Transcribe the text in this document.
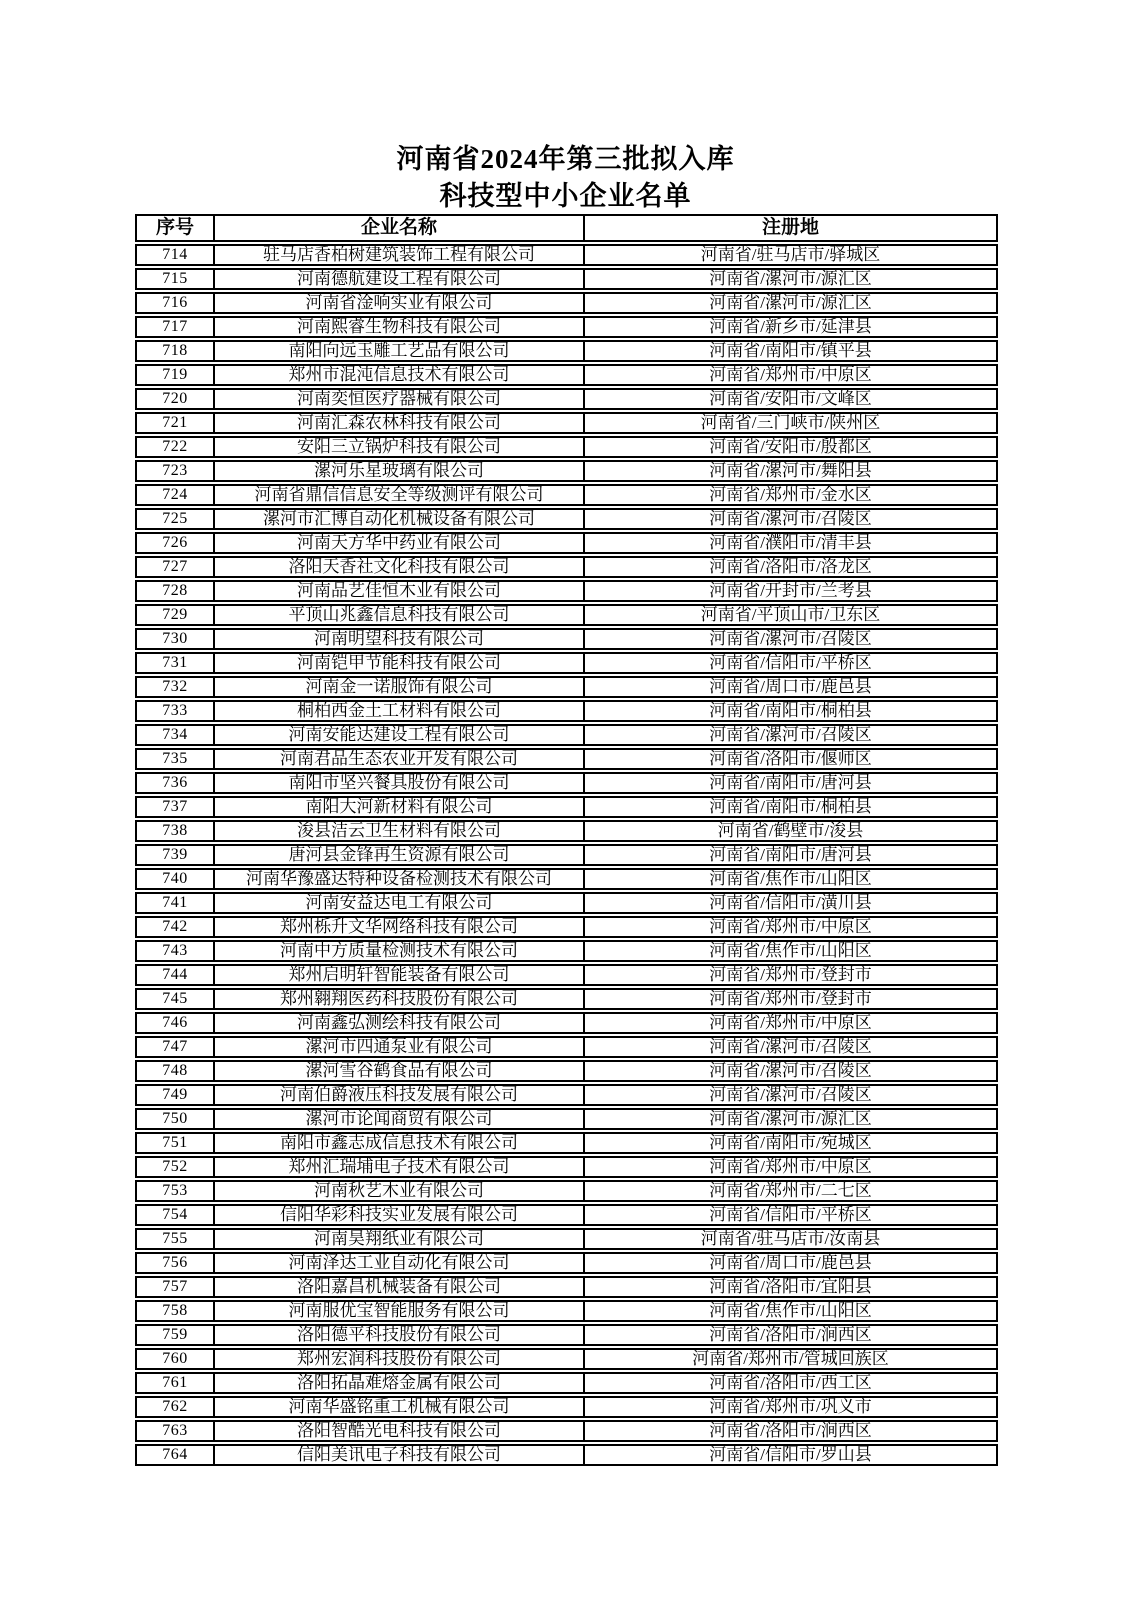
河南省2024年第三批拟入库
科技型中小企业名单
序号	企业名称	注册地
714	驻马店香柏树建筑装饰工程有限公司	河南省/驻马店市/驿城区
715	河南德航建设工程有限公司	河南省/漯河市/源汇区
716	河南省淦响实业有限公司	河南省/漯河市/源汇区
717	河南熙睿生物科技有限公司	河南省/新乡市/延津县
718	南阳向远玉雕工艺品有限公司	河南省/南阳市/镇平县
719	郑州市混沌信息技术有限公司	河南省/郑州市/中原区
720	河南奕恒医疗器械有限公司	河南省/安阳市/文峰区
721	河南汇森农林科技有限公司	河南省/三门峡市/陕州区
722	安阳三立锅炉科技有限公司	河南省/安阳市/殷都区
723	漯河乐星玻璃有限公司	河南省/漯河市/舞阳县
724	河南省鼎信信息安全等级测评有限公司	河南省/郑州市/金水区
725	漯河市汇博自动化机械设备有限公司	河南省/漯河市/召陵区
726	河南天方华中药业有限公司	河南省/濮阳市/清丰县
727	洛阳天香社文化科技有限公司	河南省/洛阳市/洛龙区
728	河南品艺佳恒木业有限公司	河南省/开封市/兰考县
729	平顶山兆鑫信息科技有限公司	河南省/平顶山市/卫东区
730	河南明望科技有限公司	河南省/漯河市/召陵区
731	河南铠甲节能科技有限公司	河南省/信阳市/平桥区
732	河南金一诺服饰有限公司	河南省/周口市/鹿邑县
733	桐柏西金土工材料有限公司	河南省/南阳市/桐柏县
734	河南安能达建设工程有限公司	河南省/漯河市/召陵区
735	河南君品生态农业开发有限公司	河南省/洛阳市/偃师区
736	南阳市坚兴餐具股份有限公司	河南省/南阳市/唐河县
737	南阳大河新材料有限公司	河南省/南阳市/桐柏县
738	浚县洁云卫生材料有限公司	河南省/鹤壁市/浚县
739	唐河县金锋再生资源有限公司	河南省/南阳市/唐河县
740	河南华豫盛达特种设备检测技术有限公司	河南省/焦作市/山阳区
741	河南安益达电工有限公司	河南省/信阳市/潢川县
742	郑州栎升文华网络科技有限公司	河南省/郑州市/中原区
743	河南中方质量检测技术有限公司	河南省/焦作市/山阳区
744	郑州启明轩智能装备有限公司	河南省/郑州市/登封市
745	郑州翱翔医药科技股份有限公司	河南省/郑州市/登封市
746	河南鑫弘测绘科技有限公司	河南省/郑州市/中原区
747	漯河市四通泵业有限公司	河南省/漯河市/召陵区
748	漯河雪谷鹤食品有限公司	河南省/漯河市/召陵区
749	河南伯爵液压科技发展有限公司	河南省/漯河市/召陵区
750	漯河市论闻商贸有限公司	河南省/漯河市/源汇区
751	南阳市鑫志成信息技术有限公司	河南省/南阳市/宛城区
752	郑州汇瑞埔电子技术有限公司	河南省/郑州市/中原区
753	河南秋艺木业有限公司	河南省/郑州市/二七区
754	信阳华彩科技实业发展有限公司	河南省/信阳市/平桥区
755	河南昊翔纸业有限公司	河南省/驻马店市/汝南县
756	河南泽达工业自动化有限公司	河南省/周口市/鹿邑县
757	洛阳嘉昌机械装备有限公司	河南省/洛阳市/宜阳县
758	河南服优宝智能服务有限公司	河南省/焦作市/山阳区
759	洛阳德平科技股份有限公司	河南省/洛阳市/涧西区
760	郑州宏润科技股份有限公司	河南省/郑州市/管城回族区
761	洛阳拓晶难熔金属有限公司	河南省/洛阳市/西工区
762	河南华盛铭重工机械有限公司	河南省/郑州市/巩义市
763	洛阳智酷光电科技有限公司	河南省/洛阳市/涧西区
764	信阳美讯电子科技有限公司	河南省/信阳市/罗山县
